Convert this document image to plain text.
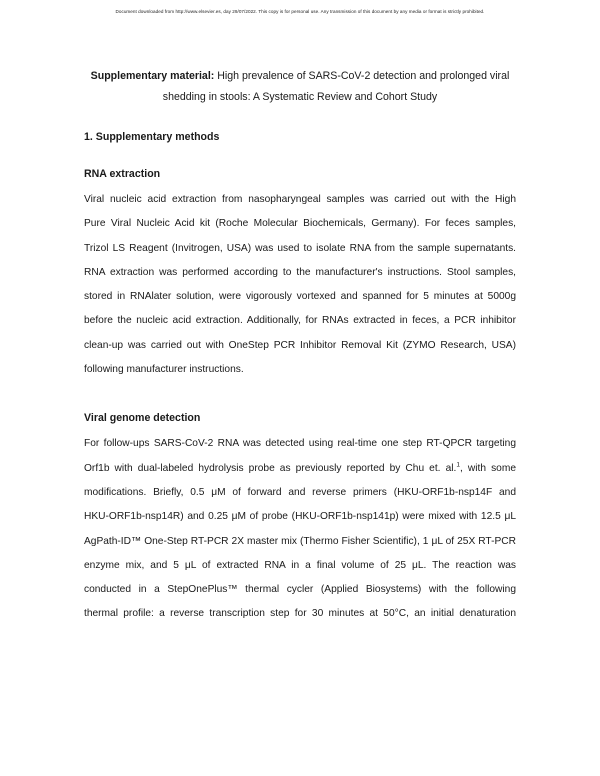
Document downloaded from http://www.elsevier.es, day 29/07/2022. This copy is for personal use. Any transmission of this document by any media or format is strictly prohibited.

Supplementary material: High prevalence of SARS-CoV-2 detection and prolonged viral

shedding in stools: A Systematic Review and Cohort Study

1. Supplementary methods
RNA extraction

Viral nucleic acid extraction from nasopharyngeal samples was carried out with the High
Pure Viral Nucleic Acid kit (Roche Molecular Biochemicals, Germany). For feces samples,
Trizol LS Reagent (Invitrogen, USA) was used to isolate RNA from the sample supernatants.
RNA extraction was performed according to the manufacturer's instructions. Stool samples,
stored in RNAlater solution, were vigorously vortexed and spanned for 5 minutes at 5000g
before the nucleic acid extraction. Additionally, for RNAs extracted in feces, a PCR inhibitor
clean-up was carried out with OneStep PCR Inhibitor Removal Kit (ZYMO Research, USA)
following manufacturer instructions.

Viral genome detection

For follow-ups SARS-CoV-2 RNA was detected using real-time one step RT-QPCR targeting
Orf1b with dual-labeled hydrolysis probe as previously reported by Chu et. al.$^1$, with some
modifications. Briefly, 0.5 μM of forward and reverse primers (HKU-ORF1b-nsp14F and
HKU-ORF1b-nsp14R) and 0.25 μM of probe (HKU-ORF1b-nsp141p) were mixed with 12.5 μL
AgPath-ID™ One-Step RT-PCR 2X master mix (Thermo Fisher Scientific), 1 μL of 25X RT-PCR
enzyme mix, and 5 μL of extracted RNA in a final volume of 25 μL. The reaction was
conducted in a StepOnePlus™ thermal cycler (Applied Biosystems) with the following
thermal profile: a reverse transcription step for 30 minutes at 50°C, an initial denaturation
